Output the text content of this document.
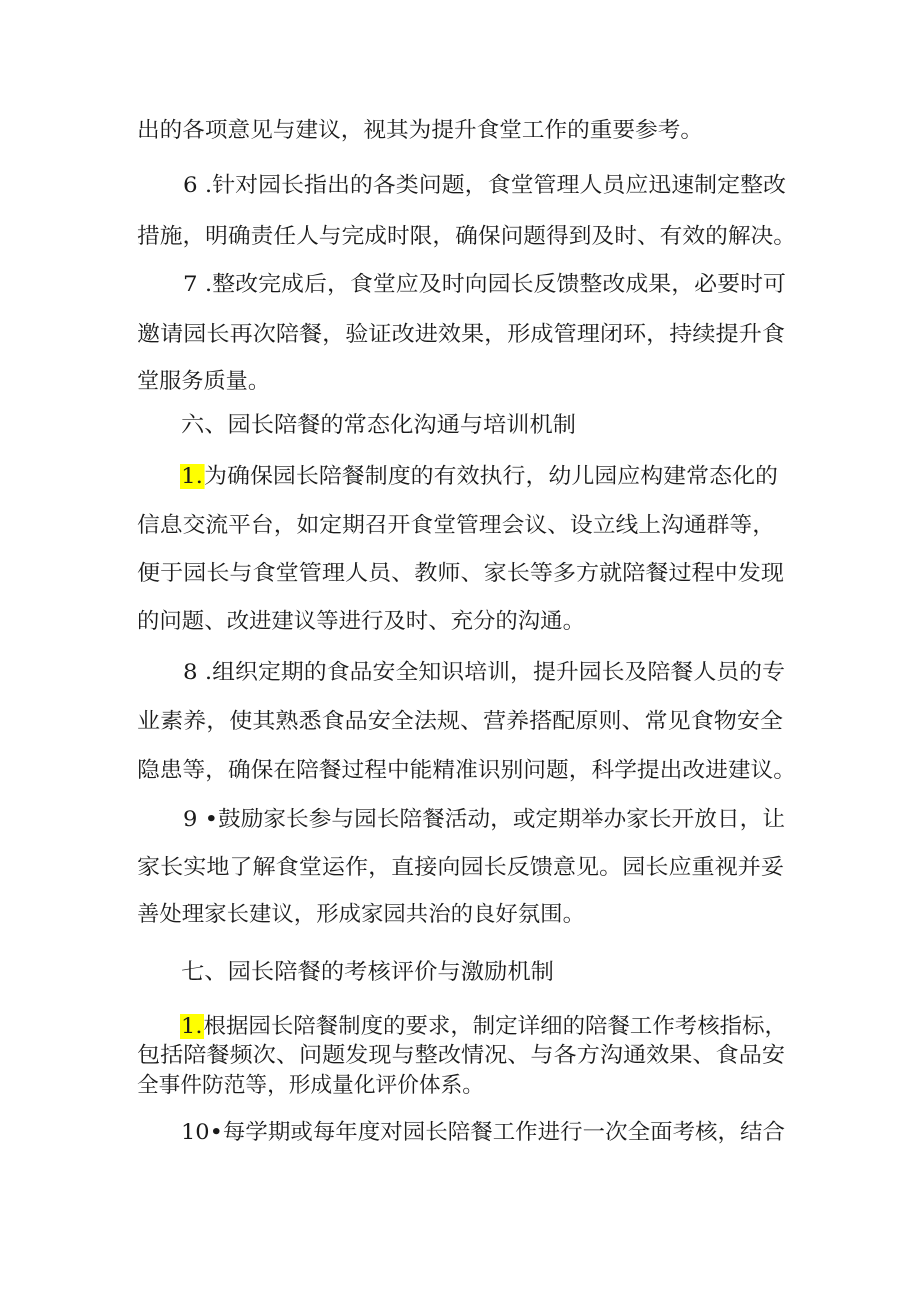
出的各项意见与建议，视其为提升食堂工作的重要参考。
6 .针对园长指出的各类问题，食堂管理人员应迅速制定整改
措施，明确责任人与完成时限，确保问题得到及时、有效的解决。
7 .整改完成后，食堂应及时向园长反馈整改成果，必要时可
邀请园长再次陪餐，验证改进效果，形成管理闭环，持续提升食
堂服务质量。
六、园长陪餐的常态化沟通与培训机制
1.为确保园长陪餐制度的有效执行，幼儿园应构建常态化的
信息交流平台，如定期召开食堂管理会议、设立线上沟通群等，
便于园长与食堂管理人员、教师、家长等多方就陪餐过程中发现
的问题、改进建议等进行及时、充分的沟通。
8 .组织定期的食品安全知识培训，提升园长及陪餐人员的专
业素养，使其熟悉食品安全法规、营养搭配原则、常见食物安全
隐患等，确保在陪餐过程中能精准识别问题，科学提出改进建议。
9 •鼓励家长参与园长陪餐活动，或定期举办家长开放日，让
家长实地了解食堂运作，直接向园长反馈意见。园长应重视并妥
善处理家长建议，形成家园共治的良好氛围。
七、园长陪餐的考核评价与激励机制
1.根据园长陪餐制度的要求，制定详细的陪餐工作考核指标，
包括陪餐频次、问题发现与整改情况、与各方沟通效果、食品安
全事件防范等，形成量化评价体系。
10•每学期或每年度对园长陪餐工作进行一次全面考核，结合
